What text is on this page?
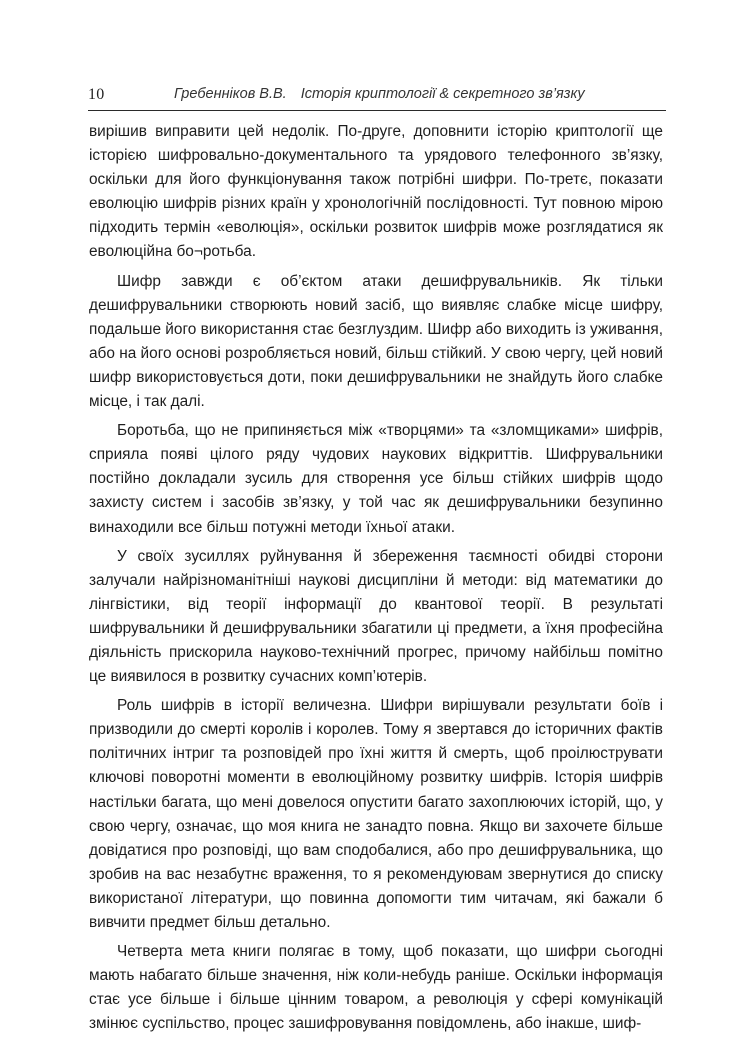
10	Гребенніков В.В. Історія криптології & секретного зв’язку

вирішив виправити цей недолік. По-друге, доповнити історію криптології ще історією шифровально-документального та урядового телефонного зв’язку, оскільки для його функціонування також потрібні шифри. По-третє, показати еволюцію шифрів різних країн у хронологічній послідовності. Тут повною мірою підходить термін «еволюція», оскільки розвиток шифрів може розглядатися як еволюційна бо¬ротьба.

Шифр завжди є об’єктом атаки дешифрувальників. Як тільки дешифрувальники створюють новий засіб, що виявляє слабке місце шифру, подальше його використання стає безглуздим. Шифр або виходить із уживання, або на його основі розробляється новий, більш стійкий. У свою чергу, цей новий шифр використовується доти, поки дешифрувальники не знайдуть його слабке місце, і так далі.

Боротьба, що не припиняється між «творцями» та «зломщиками» шифрів, сприяла появі цілого ряду чудових наукових відкриттів. Шифрувальники постійно докладали зусиль для створення усе більш стійких шифрів щодо захисту систем і засобів зв’язку, у той час як дешифрувальники безупинно винаходили все більш потужні методи їхньої атаки.

У своїх зусиллях руйнування й збереження таємності обидві сторони залучали найрізноманітніші наукові дисципліни й методи: від математики до лінгвістики, від теорії інформації до квантової теорії. В результаті шифрувальники й дешифрувальники збагатили ці предмети, а їхня професійна діяльність прискорила науково-технічний прогрес, причому найбільш помітно це виявилося в розвитку сучасних комп’ютерів.

Роль шифрів в історії величезна. Шифри вирішували результати боїв і призводили до смерті королів і королев. Тому я звертався до історичних фактів політичних інтриг та розповідей про їхні життя й смерть, щоб проілюструвати ключові поворотні моменти в еволюційному розвитку шифрів. Історія шифрів настільки багата, що мені довелося опустити багато захоплюючих історій, що, у свою чергу, означає, що моя книга не занадто повна. Якщо ви захочете більше довідатися про розповіді, що вам сподобалися, або про дешифрувальника, що зробив на вас незабутнє враження, то я рекомендуювам звернутися до списку використаної літератури, що повинна допомогти тим читачам, які бажали б вивчити предмет більш детально.

Четверта мета книги полягає в тому, щоб показати, що шифри сьогодні мають набагато більше значення, ніж коли-небудь раніше. Оскільки інформація стає усе більше і більше цінним товаром, а революція у сфері комунікацій змінює суспільство, процес зашифровування повідомлень, або інакше, шиф-
